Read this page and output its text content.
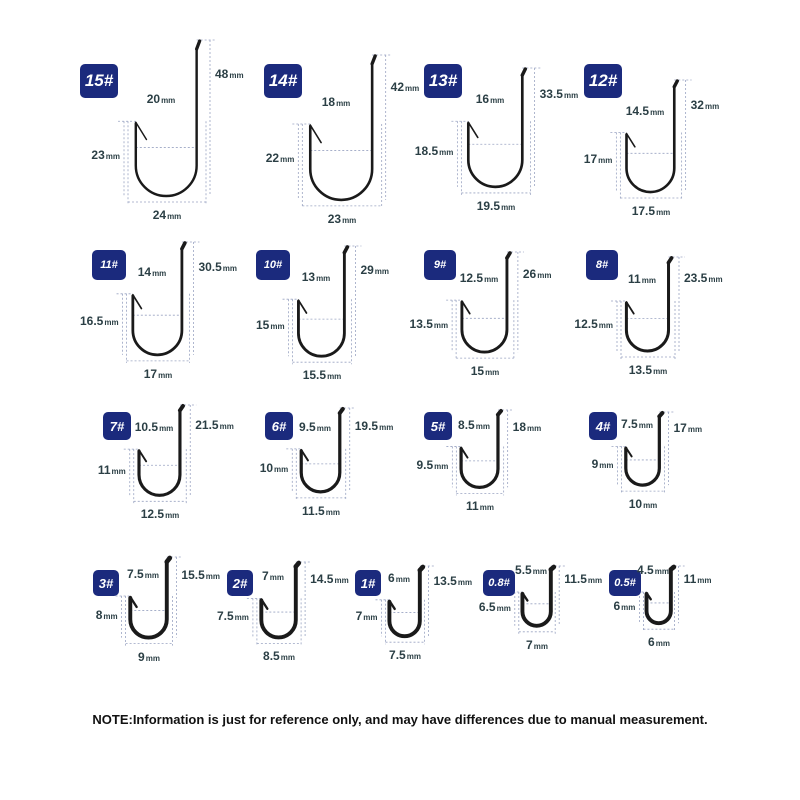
15#	48mm
20mm
23mm
24mm
14#	42mm
18mm
22mm
23mm
13#
33.5mm
16mm
18.5mm
19.5mm
12#
32mm
14.5mm
17mm
17.5mm
11#	30.5mm
14mm
16.5mm
17mm
10#	29mm
13mm
15mm
15.5mm
9#
26mm
12.5mm
13.5mm
15mm
8#
23.5mm
11mm
12.5mm
13.5mm
7#	21.5mm
10.5mm
11mm
12.5mm
6#	19.5mm
9.5mm
10mm
11.5mm
5#	18mm
8.5mm
9.5mm
11mm
4#	17mm
7.5mm
9mm
10mm
3#
15.5mm
7.5mm
8mm
9mm
2#	14.5mm
7mm
7.5mm
8.5mm
1#	13.5mm
6mm
7mm
7.5mm
0.8#	11.5mm
5.5mm
6.5mm
7mm
0.5#	11mm
4.5mm
6mm
6mm
NOTE:Information is just for reference only, and may have differences due to manual measurement.
